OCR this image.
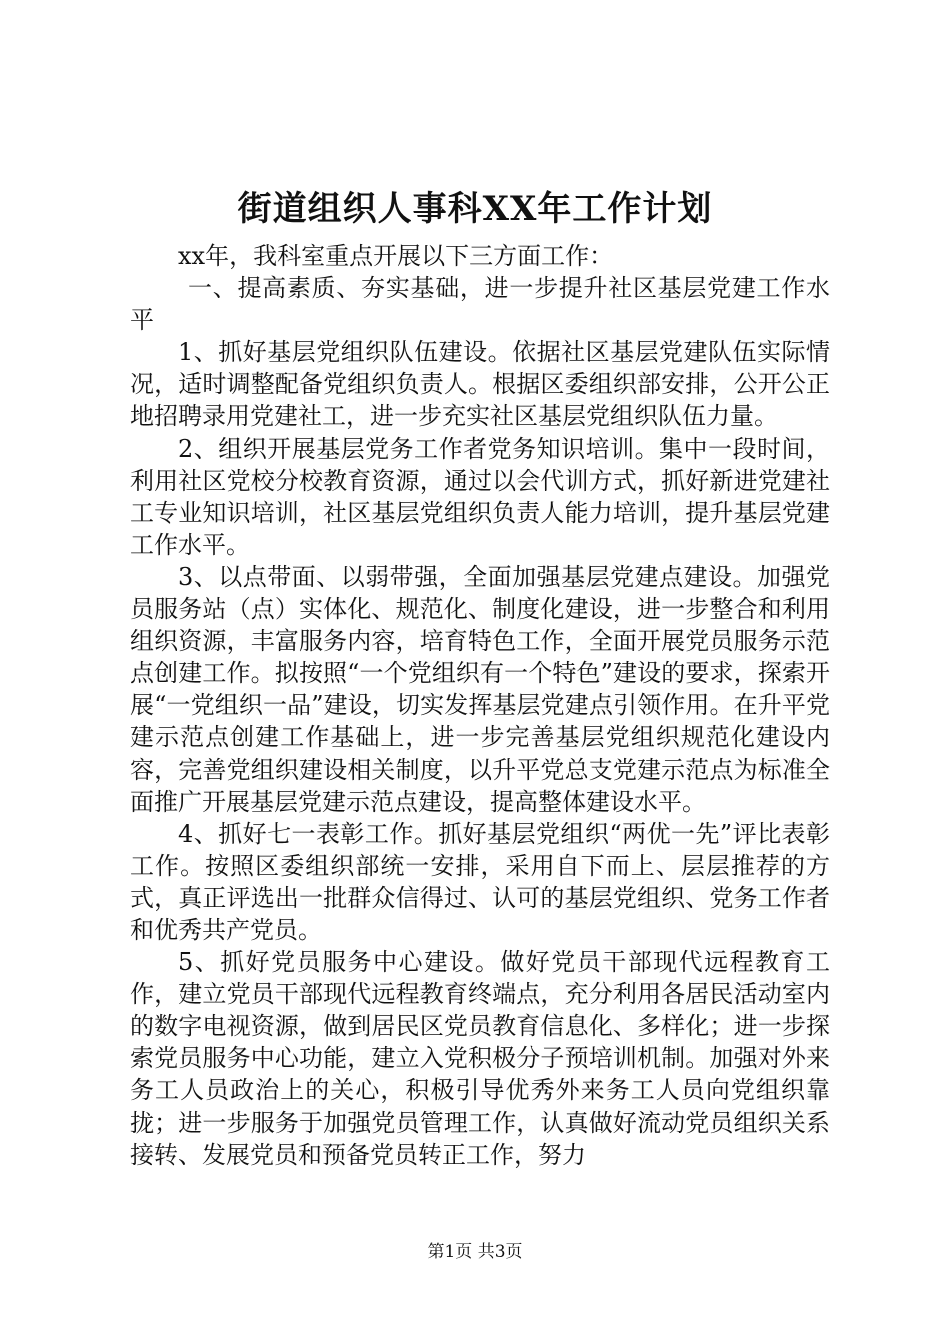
街道组织人事科XX年工作计划

xx年，我科室重点开展以下三方面工作：

一、提高素质、夯实基础，进一步提升社区基层党建工作水平

1、抓好基层党组织队伍建设。依据社区基层党建队伍实际情况，适时调整配备党组织负责人。根据区委组织部安排，公开公正地招聘录用党建社工，进一步充实社区基层党组织队伍力量。

2、组织开展基层党务工作者党务知识培训。集中一段时间，利用社区党校分校教育资源，通过以会代训方式，抓好新进党建社工专业知识培训，社区基层党组织负责人能力培训，提升基层党建工作水平。

3、以点带面、以弱带强，全面加强基层党建点建设。加强党员服务站（点）实体化、规范化、制度化建设，进一步整合和利用组织资源，丰富服务内容，培育特色工作，全面开展党员服务示范点创建工作。拟按照“一个党组织有一个特色”建设的要求，探索开展“一党组织一品”建设，切实发挥基层党建点引领作用。在升平党建示范点创建工作基础上，进一步完善基层党组织规范化建设内容，完善党组织建设相关制度，以升平党总支党建示范点为标准全面推广开展基层党建示范点建设，提高整体建设水平。

4、抓好七一表彰工作。抓好基层党组织“两优一先”评比表彰工作。按照区委组织部统一安排，采用自下而上、层层推荐的方式，真正评选出一批群众信得过、认可的基层党组织、党务工作者和优秀共产党员。

5、抓好党员服务中心建设。做好党员干部现代远程教育工作，建立党员干部现代远程教育终端点，充分利用各居民活动室内的数字电视资源，做到居民区党员教育信息化、多样化；进一步探索党员服务中心功能，建立入党积极分子预培训机制。加强对外来务工人员政治上的关心，积极引导优秀外来务工人员向党组织靠拢；进一步服务于加强党员管理工作，认真做好流动党员组织关系接转、发展党员和预备党员转正工作，努力

第1页 共3页
